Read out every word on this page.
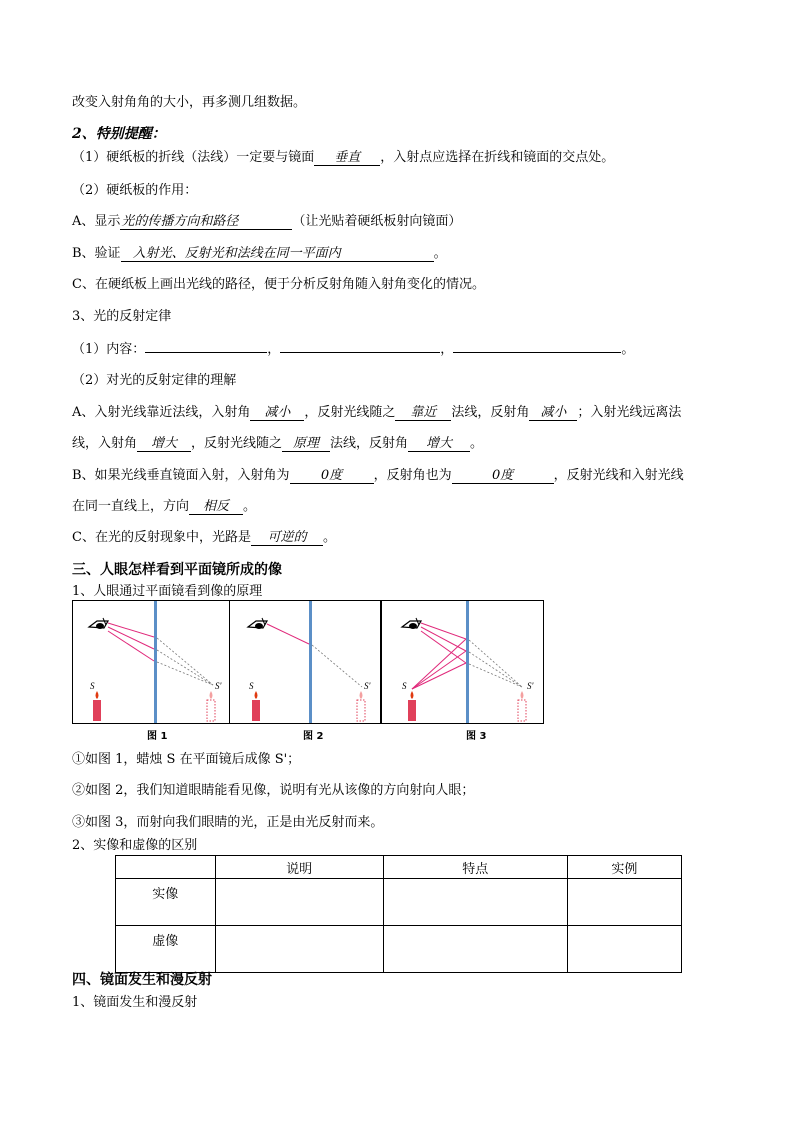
改变入射角角的大小，再多测几组数据。
2、特别提醒：
（1）硬纸板的折线（法线）一定要与镜面 垂直 ，入射点应选择在折线和镜面的交点处。
（2）硬纸板的作用：
A、显示光的传播方向和路径	（让光贴着硬纸板射向镜面）
B、验证 入射光、反射光和法线在同一平面内	。
C、在硬纸板上画出光线的路径，便于分析反射角随入射角变化的情况。
3、光的反射定律
（1）内容：	，	，	。
（2）对光的反射定律的理解
A、入射光线靠近法线，入射角 减小 ，反射光线随之 靠近 法线，反射角 减小 ；入射光线远离法
线，入射角 增大 ，反射光线随之 原理 法线，反射角 增大 。
B、如果光线垂直镜面入射，入射角为 0度 ，反射角也为	0度	，反射光线和入射光线
在同一直线上，方向 相反 。
C、在光的反射现象中，光路是 可逆的 。
三、人眼怎样看到平面镜所成的像
1、人眼通过平面镜看到像的原理
S	S'	S	S'	S	S'
图 1	图 2	图 3
①如图 1，蜡烛 S 在平面镜后成像 S'；
②如图 2，我们知道眼睛能看见像，说明有光从该像的方向射向人眼；
③如图 3，而射向我们眼睛的光，正是由光反射而来。
2、实像和虚像的区别
	说明	特点	实例
实像			
虚像			
四、镜面发生和漫反射
1、镜面发生和漫反射
